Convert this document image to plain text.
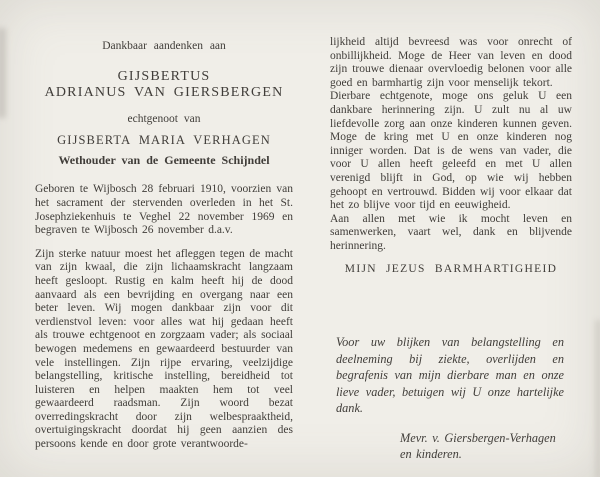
Dankbaar aandenken aan

GIJSBERTUS
ADRIANUS VAN GIERSBERGEN

echtgenoot van

GIJSBERTA MARIA VERHAGEN

Wethouder van de Gemeente Schijndel

Geboren te Wijbosch 28 februari 1910, voorzien van het sacrament der stervenden overleden in het St. Josephziekenhuis te Veghel 22 november 1969 en begraven te Wijbosch 26 november d.a.v.

Zijn sterke natuur moest het afleggen tegen de macht van zijn kwaal, die zijn lichaamskracht langzaam heeft gesloopt. Rustig en kalm heeft hij de dood aanvaard als een bevrijding en overgang naar een beter leven. Wij mogen dankbaar zijn voor dit verdienstvol leven: voor alles wat hij gedaan heeft als trouwe echtgenoot en zorgzaam vader; als sociaal bewogen medemens en gewaardeerd bestuurder van vele instellingen. Zijn rijpe ervaring, veelzijdige belangstelling, kritische instelling, bereidheid tot luisteren en helpen maakten hem tot veel gewaardeerd raadsman. Zijn woord bezat overredingskracht door zijn welbespraaktheid, overtuigingskracht doordat hij geen aanzien des persoons kende en door grote verantwoorde-

lijkheid altijd bevreesd was voor onrecht of onbillijkheid. Moge de Heer van leven en dood zijn trouwe dienaar overvloedig belonen voor alle goed en barmhartig zijn voor menselijk tekort.

Dierbare echtgenote, moge ons geluk U een dankbare herinnering zijn. U zult nu al uw liefdevolle zorg aan onze kinderen kunnen geven. Moge de kring met U en onze kinderen nog inniger worden. Dat is de wens van vader, die voor U allen heeft geleefd en met U allen verenigd blijft in God, op wie wij hebben gehoopt en vertrouwd. Bidden wij voor elkaar dat het zo blijve voor tijd en eeuwigheid.

Aan allen met wie ik mocht leven en samenwerken, vaart wel, dank en blijvende herinnering.

MIJN JEZUS BARMHARTIGHEID

Voor uw blijken van belangstelling en deelneming bij ziekte, overlijden en begrafenis van mijn dierbare man en onze lieve vader, betuigen wij U onze hartelijke dank.

Mevr. v. Giersbergen-Verhagen
en kinderen.
